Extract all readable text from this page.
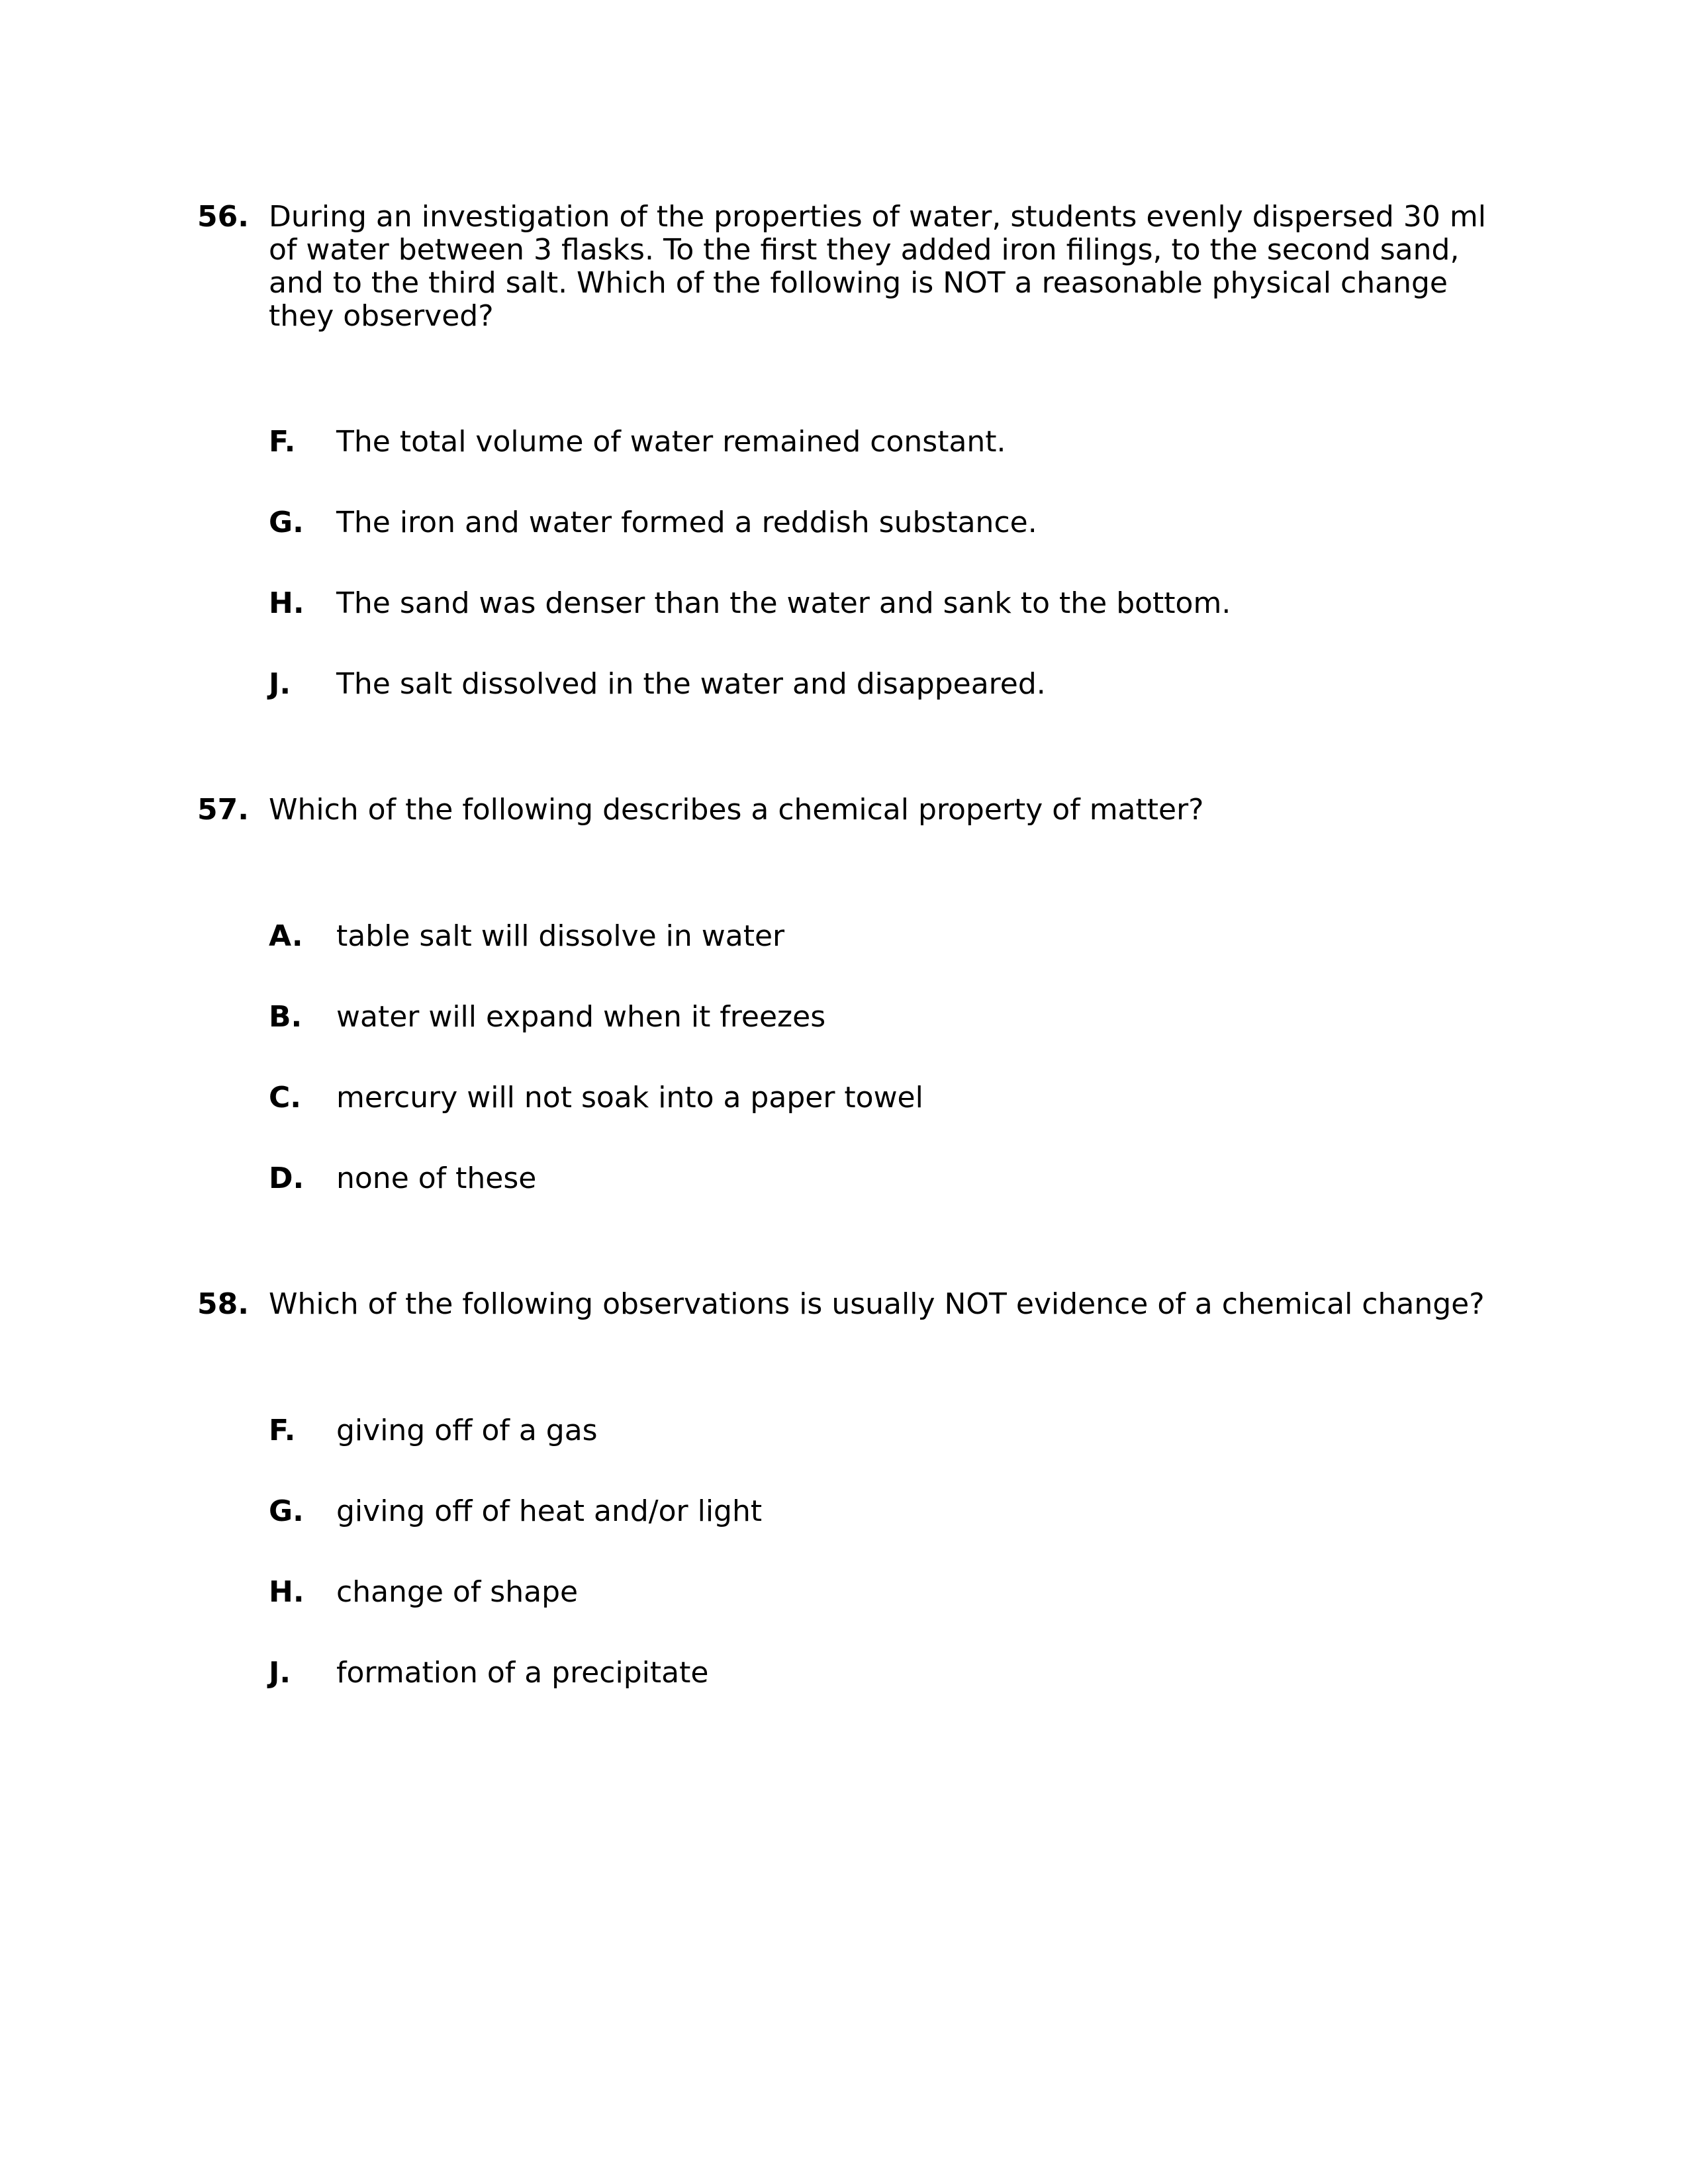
56. During an investigation of the properties of water, students evenly dispersed 30 ml of water between 3 flasks. To the first they added iron filings, to the second sand, and to the third salt. Which of the following is NOT a reasonable physical change they observed?
F. The total volume of water remained constant.
G. The iron and water formed a reddish substance.
H. The sand was denser than the water and sank to the bottom.
J. The salt dissolved in the water and disappeared.
57. Which of the following describes a chemical property of matter?
A. table salt will dissolve in water
B. water will expand when it freezes
C. mercury will not soak into a paper towel
D. none of these
58. Which of the following observations is usually NOT evidence of a chemical change?
F. giving off of a gas
G. giving off of heat and/or light
H. change of shape
J. formation of a precipitate
